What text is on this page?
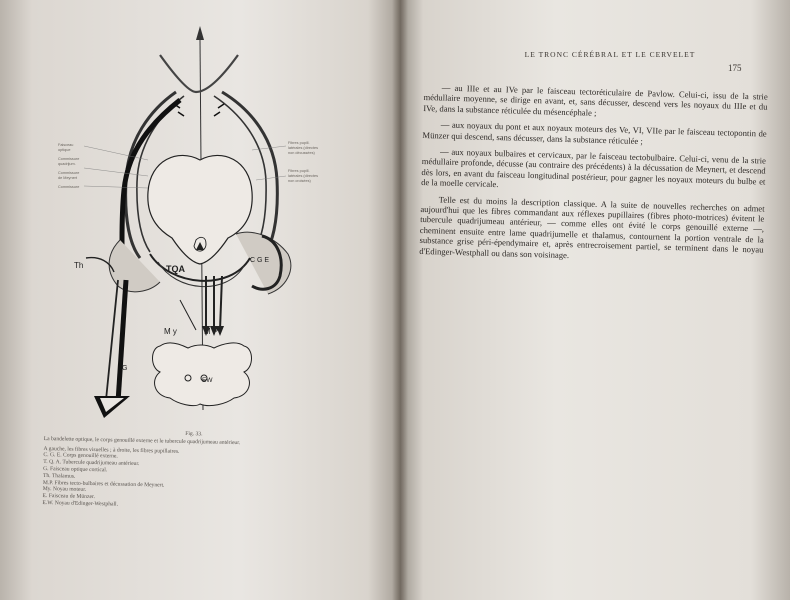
Th	TQA
C G E
M y	M P
G
EW
Faisceau
optique
Commissure
quadrijum.
Commissure
de Meynert
Commissure
Fibres pupill.
latérales (directes
non décussées)
Fibres pupill.
latérales (directes
non croisées)
Fig. 33.
La bandelette optique, le corps genouillé externe et le tubercule quadrijumeau antérieur.
A gauche, les fibres visuelles ; à droite, les fibres pupillaires.
C. G. E. Corps genouillé externe.
T. Q. A. Tubercule quadrijumeau antérieur.
G. Faisceau optique cortical.
Th. Thalamus.
M.P. Fibres tecto-bulbaires et décussation de Meynert.
My. Noyau moteur.
E. Faisceau de Münzer.
E.W. Noyau d'Edinger-Westphall.
LE TRONC CÉRÉBRAL ET LE CERVELET
175

— au IIIe et au IVe par le faisceau tectoréticulaire de Pavlow. Celui-ci, issu de la strie médullaire moyenne, se dirige en avant, et, sans décusser, descend vers les noyaux du IIIe et du IVe, dans la substance réticulée du mésencéphale ;

— aux noyaux du pont et aux noyaux moteurs des Ve, VI, VIIe par le faisceau tectopontin de Münzer qui descend, sans décusser, dans la substance réticulée ;

— aux noyaux bulbaires et cervicaux, par le faisceau tectobulbaire. Celui-ci, venu de la strie médullaire profonde, décusse (au contraire des précédents) à la décussation de Meynert, et descend dès lors, en avant du faisceau longitudinal postérieur, pour gagner les noyaux moteurs du bulbe et de la moelle cervicale.

Telle est du moins la description classique. A la suite de nouvelles recherches on admet aujourd'hui que les fibres commandant aux réflexes pupillaires (fibres photo-motrices) évitent le tubercule quadrijumeau antérieur, — comme elles ont évité le corps genouillé externe —, cheminent ensuite entre lame quadrijumelle et thalamus, contournent la portion ventrale de la substance grise péri-épendymaire et, après entrecroisement partiel, se terminent dans le noyau d'Edinger-Westphall ou dans son voisinage.
